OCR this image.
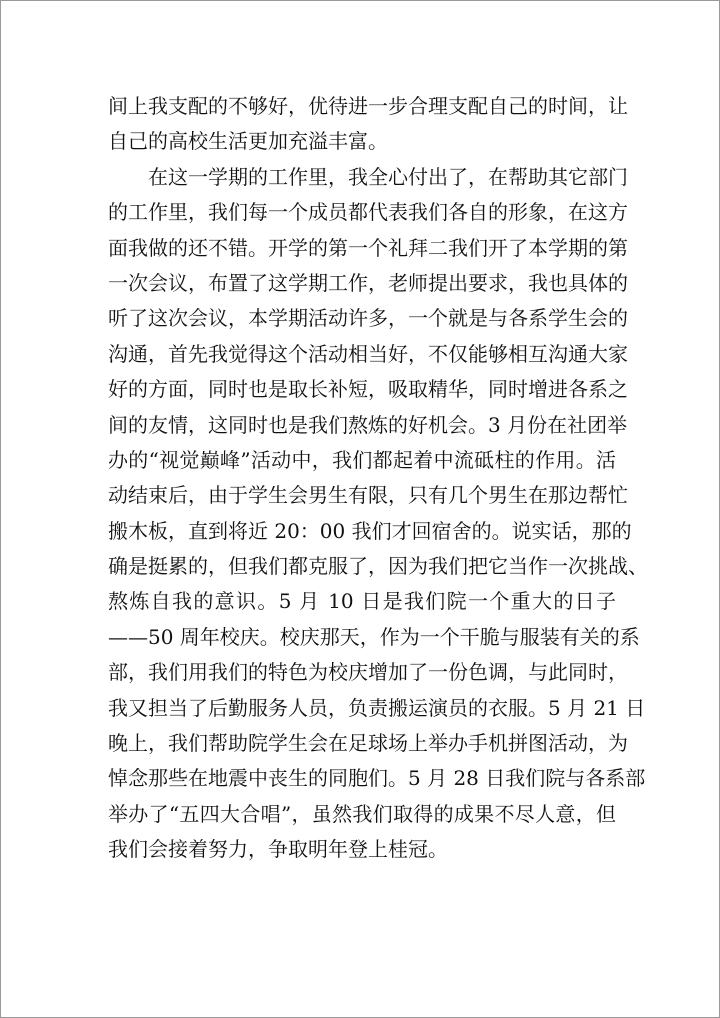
间上我支配的不够好，优待进一步合理支配自己的时间，让
自己的高校生活更加充溢丰富。
在这一学期的工作里，我全心付出了，在帮助其它部门
的工作里，我们每一个成员都代表我们各自的形象，在这方
面我做的还不错。开学的第一个礼拜二我们开了本学期的第
一次会议，布置了这学期工作，老师提出要求，我也具体的
听了这次会议，本学期活动许多，一个就是与各系学生会的
沟通，首先我觉得这个活动相当好，不仅能够相互沟通大家
好的方面，同时也是取长补短，吸取精华，同时增进各系之
间的友情，这同时也是我们熬炼的好机会。3 月份在社团举
办的“视觉巅峰”活动中，我们都起着中流砥柱的作用。活
动结束后，由于学生会男生有限，只有几个男生在那边帮忙
搬木板，直到将近 20：00 我们才回宿舍的。说实话，那的
确是挺累的，但我们都克服了，因为我们把它当作一次挑战、
熬炼自我的意识。5 月 10 日是我们院一个重大的日子
——50 周年校庆。校庆那天，作为一个干脆与服装有关的系
部，我们用我们的特色为校庆增加了一份色调，与此同时，
我又担当了后勤服务人员，负责搬运演员的衣服。5 月 21 日
晚上，我们帮助院学生会在足球场上举办手机拼图活动，为
悼念那些在地震中丧生的同胞们。5 月 28 日我们院与各系部
举办了“五四大合唱”，虽然我们取得的成果不尽人意，但
我们会接着努力，争取明年登上桂冠。
